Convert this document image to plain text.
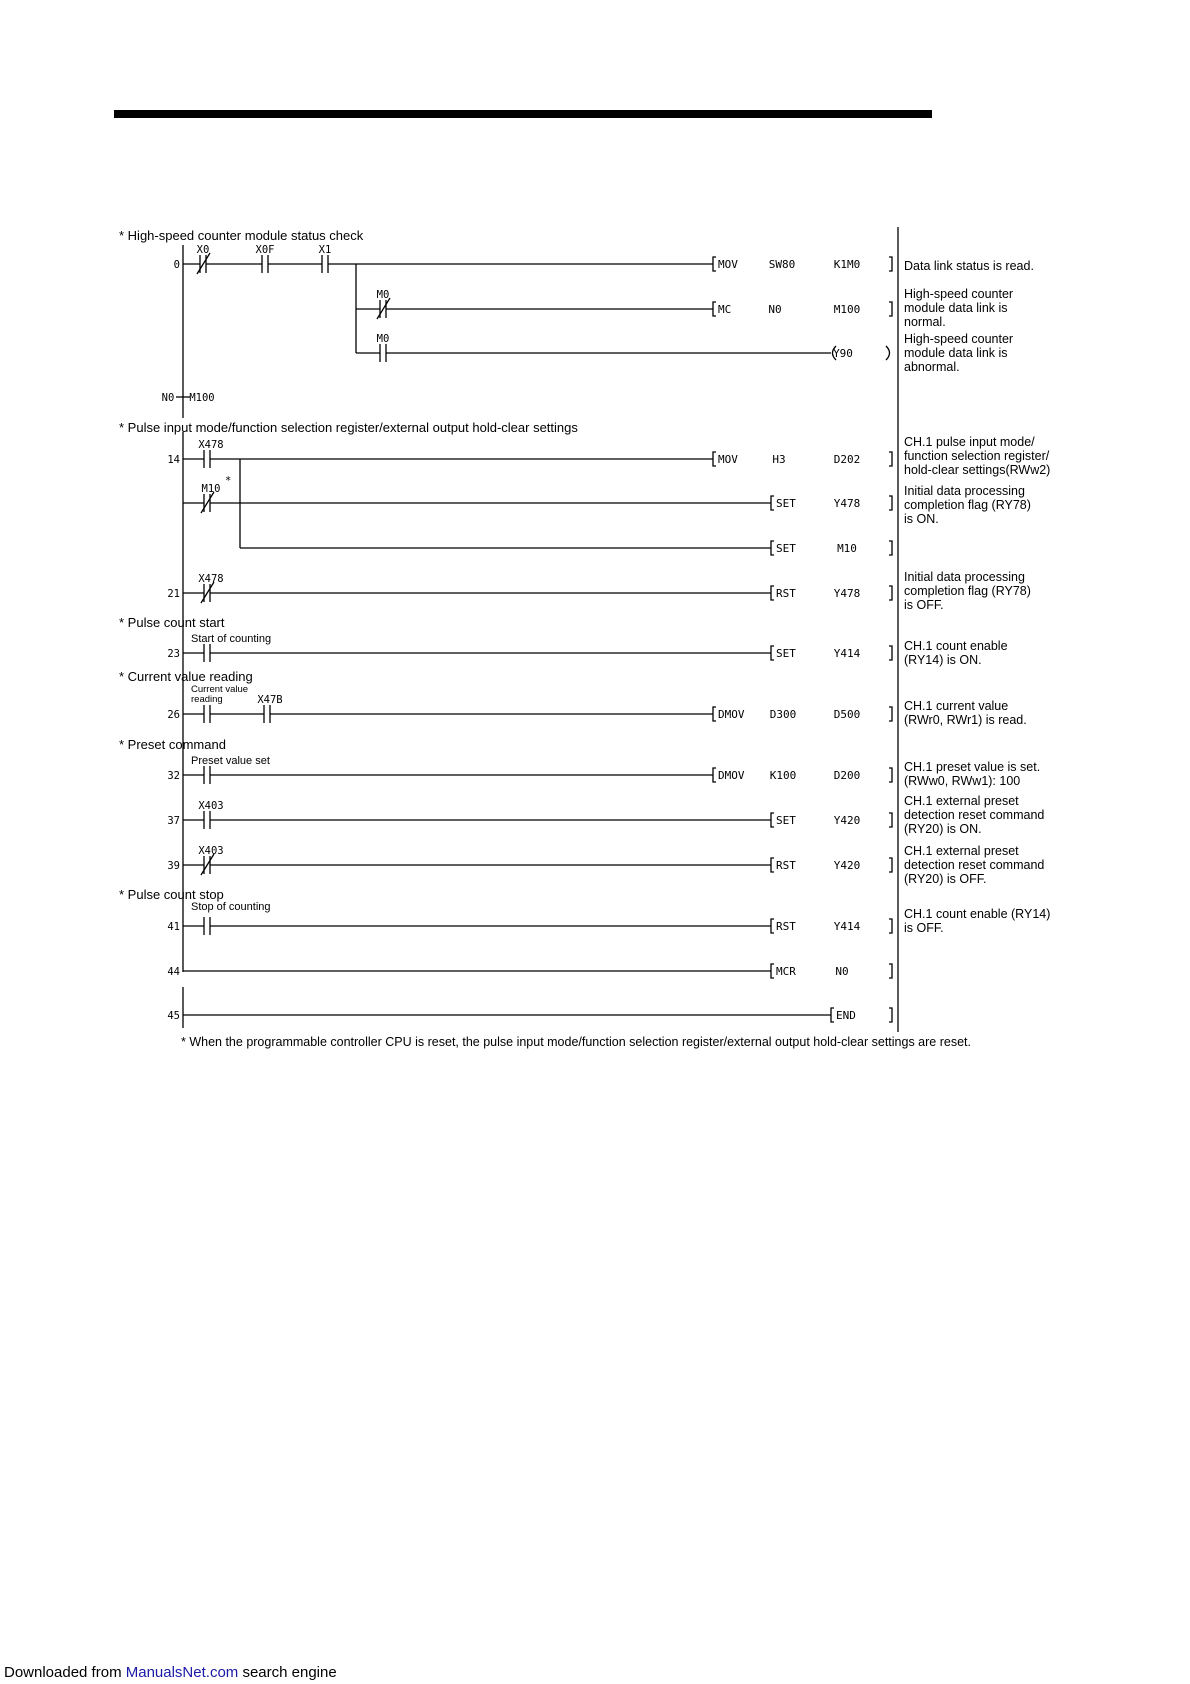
* High-speed counter module status check
* Pulse input mode/function selection register/external output hold-clear settings
* Pulse count start
* Current value reading
* Preset command
* Pulse count stop
0
14
21
23
26
32
37
39
41
44
45
X0	X0F	X1
M0
M0
N0 M100
X478
M10
*
X478
X47B
X403
X403
Start of counting
Current value
reading
Preset value set
Stop of counting
MOV	SW80	K1M0
MC	N0	M100
Y90
MOV	H3	D202
SET	Y478
SET	M10
RST	Y478
SET	Y414
DMOV D300	D500
DMOV K100	D200
SET	Y420
RST	Y420
RST	Y414
MCR	N0
END
Data link status is read.
High-speed counter module data link is normal.
High-speed counter module data link is abnormal.
CH.1 pulse input mode/ function selection register/ hold-clear settings(RWw2)
Initial data processing completion flag (RY78) is ON.
Initial data processing completion flag (RY78) is OFF.
CH.1 count enable (RY14) is ON.
CH.1 current value (RWr0, RWr1) is read.
CH.1 preset value is set. (RWw0, RWw1): 100
CH.1 external preset detection reset command (RY20) is ON.
CH.1 external preset detection reset command (RY20) is OFF.
CH.1 count enable (RY14) is OFF.
* When the programmable controller CPU is reset, the pulse input mode/function selection register/external output hold-clear settings are reset.
Downloaded from ManualsNet.com search engine
